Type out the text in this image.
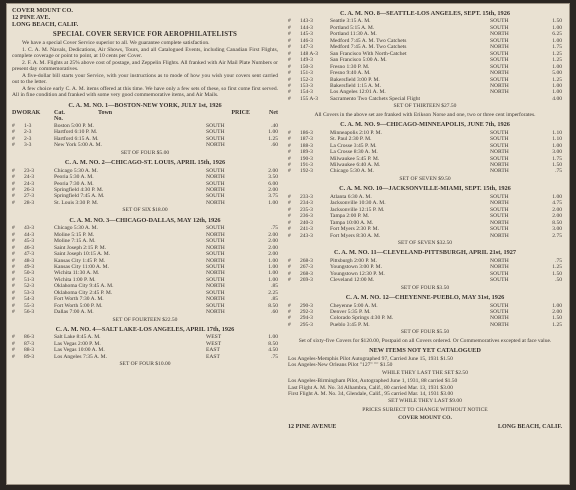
COVER MOUNT CO.
12 PINE AVE.
LONG BEACH, CALIF.
SPECIAL COVER SERVICE FOR AEROPHILATELISTS

We have a special Cover Service superior to all. We guarantee complete satisfaction.

1. C. A. M. Navals, Dedications, Air Shows, Tours, and all Catalogued Events, including Canadian First Flights, complete coverage or point to point, at 10 cents per Cover.

2. F. A. M. Flights at 25% above cost of postage, and Zeppelin Flights. All franked with Air Mail Plate Numbers or present day commemoratives.

A five-dollar bill starts your Service, with your instructions as to mode of how you wish your covers sent carried out to the letter.

A few choice early C. A. M. items offered at this time. We have only a few sets of these, so first come first served. All in fine condition and franked with some very good commemorative items, and Air Mails.

C. A. M. NO. 1—BOSTON-NEW YORK, JULY 1st, 1926
DWORAK	Cat. No.
Town	PRICE	Net
#	1-3	Boston 5:00 P. M.	SOUTH	.40
#	2-3	Hartford 6:10 P. M.	SOUTH	1.00
#	2-3	Hartford 6:15 A. M.	SOUTH	1.25
#	3-3	New York 5:00 A. M.	NORTH	.60
SET OF FOUR $5.00
C. A. M. NO. 2—CHICAGO-ST. LOUIS, APRIL 15th, 1926
#	23-3	Chicago 5:30 A. M.	SOUTH	2.00
#	24-3	Peoria 5:30 A. M.	NORTH	3.50
#	24-3	Peoria 7:30 A. M.	SOUTH	6.00
#	26-3	Springfield 4:30 P. M.	NORTH	2.00
#	27-3	Springfield 7:45 A. M.	SOUTH	3.75
#	28-3	St. Louis 3:30 P. M.	NORTH	1.00
SET OF SIX $18.00
C. A. M. NO. 3—CHICAGO-DALLAS, MAY 12th, 1926
#	43-3	Chicago 5:30 A. M.	SOUTH	.75
#	44-3	Moline 5:15 P. M.	NORTH	2.00
#	45-3	Moline 7:15 A. M.	SOUTH	2.00
#	46-3	Saint Joseph 2:15 P. M.	NORTH	2.00
#	47-3	Saint Joseph 10:15 A. M.	SOUTH	2.00
#	48-3	Kansas City 1:45 P. M.	NORTH	1.00
#	49-3	Kansas City 11:00 A. M.	SOUTH	1.00
#	50-3	Wichita 11:30 A. M.	NORTH	1.00
#	51-3	Wichita 1:00 P. M.	SOUTH	1.00
#	52-3	Oklahoma City 9:45 A. M.	NORTH	.85
#	53-3	Oklahoma City 2:45 P. M.	SOUTH	2.25
#	54-3	Fort Worth 7:30 A. M.	NORTH	.85
#	55-3	Fort Worth 5:00 P. M.	SOUTH	8.50
#	56-3	Dallas 7:00 A. M.	NORTH	.60
SET OF FOURTEEN $22.50
C. A. M. NO. 4—SALT LAKE-LOS ANGELES, APRIL 17th, 1926
#	86-3	Salt Lake 8:45 A. M.	WEST	1.00
#	87-3	Las Vegas 2:00 P. M.	WEST	8.50
#	88-3	Las Vegas 10:00 A. M.	EAST	4.50
#	89-3	Los Angeles 7:35 A. M.	EAST	.75
SET OF FOUR $10.00
C. A. M. NO. 8—SEATTLE-LOS ANGELES, SEPT. 15th, 1926
#	143-3	Seattle 3:15 A. M.	SOUTH	1.50
#	144-3	Portland 5:15 A. M.	SOUTH	1.00
#	145-3	Portland 11:30 A. M.	NORTH	6.25
#	146-3	Medford 7:45 A. M. Two Catchets	SOUTH	1.00
#	147-3	Medford 7:45 A. M. Two Catchets	NORTH	1.75
#	148 A-3	San Francisco With North-Catchet	SOUTH	1.25
#	149-3	San Francisco 5:00 A. M.	SOUTH	1.25
#	150-3	Fresno 1:30 P. M.	SOUTH	1.00
#	151-3	Fresno 9:40 A. M.	NORTH	5.00
#	152-3	Bakersfield 3:00 P. M.	SOUTH	1.25
#	153-3	Bakersfield 1:15 A. M.	NORTH	1.00
#	154-3	Los Angeles 12:01 A. M.	NORTH	1.00
#	155 A-3	Sacramento Two Catchets Special Flight	4.00
SET OF THIRTEEN $27.50

All Covers in the above set are franked with Erikson Norse and one, two or three cent imperforates.

C. A. M. NO. 9—CHICAGO-MINNEAPOLIS, JUNE 7th, 1926
#	186-3	Minneapolis 2:10 P. M.	SOUTH	1.10
#	187-3	St. Paul 2:30 P. M.	SOUTH	1.10
#	188-3	La Crosse 3:45 P. M.	SOUTH	1.00
#	189-3	La Crosse 8:30 A. M.	NORTH	3.00
#	190-3	Milwaukee 5:45 P. M.	SOUTH	1.75
#	191-3	Milwaukee 6:40 A. M.	NORTH	1.50
#	192-3	Chicago 5:30 A. M.	NORTH	.75
SET OF SEVEN $9.50
C. A. M. NO. 10—JACKSONVILLE-MIAMI, SEPT. 15th, 1926
#	233-3	Atlanta 6:30 A. M.	SOUTH	1.00
#	234-3	Jacksonville 10:30 A. M.	NORTH	4.75
#	235-3	Jacksonville 12:15 P. M.	SOUTH	2.00
#	236-3	Tampa 2:00 P. M.	SOUTH	2.00
#	240-3	Tampa 10:00 A. M.	NORTH	8.50
#	241-3	Fort Myers 2:30 P. M.	SOUTH	3.00
#	243-3	Fort Myers 8:30 A. M.	NORTH	2.75
SET OF SEVEN $32.50
C. A. M. NO. 11—CLEVELAND-PITTSBURGH, APRIL 21st, 1927
#	268-3	Pittsburgh 2:00 P. M.	NORTH	.75
#	267-3	Youngstown 3:00 P. M.	NORTH	1.25
#	268-3	Youngstown 12:30 P. M.	SOUTH	1.50
#	269-3	Cleveland 12:00 M.	SOUTH	.50
SET OF FOUR $3.50
C. A. M. NO. 12—CHEYENNE-PUEBLO, MAY 31st, 1926
#	290-3	Cheyenne 5:00 A. M.	SOUTH	1.00
#	292-3	Denver 5:35 P. M.	SOUTH	2.00
#	294-3	Colorado Springs 4:30 P. M.	NORTH	1.50
#	295-3	Pueblo 3:45 P. M.	NORTH	1.25
SET OF FOUR $5.50

Set of sixty-five Covers for $120.00, Postpaid on all Covers ordered. Or Commemoratives excepted at face value.

NEW ITEMS NOT YET CATALOGUED
Los Angeles-Memphis Pilot Autographed 97, Carried June 15, 1931 $1.50
Los Angeles-New Orleans Pilot "127" "" $1.50
WHILE THEY LAST THE SET $2.50
Los Angeles-Birmingham Pilot, Autographed June 1, 1931, 88 carried $1.50
Last Flight A. M. No. 34 Alhambra, Calif., 80 carried Mar. 13, 1931 $3.00
First Flight A. M. No. 34, Glendale, Calif., 95 carried Mar. 14, 1931 $3.00
SET WHILE THEY LAST $9.00
PRICES SUBJECT TO CHANGE WITHOUT NOTICE
COVER MOUNT CO.
12 PINE AVENUE	LONG BEACH, CALIF.
